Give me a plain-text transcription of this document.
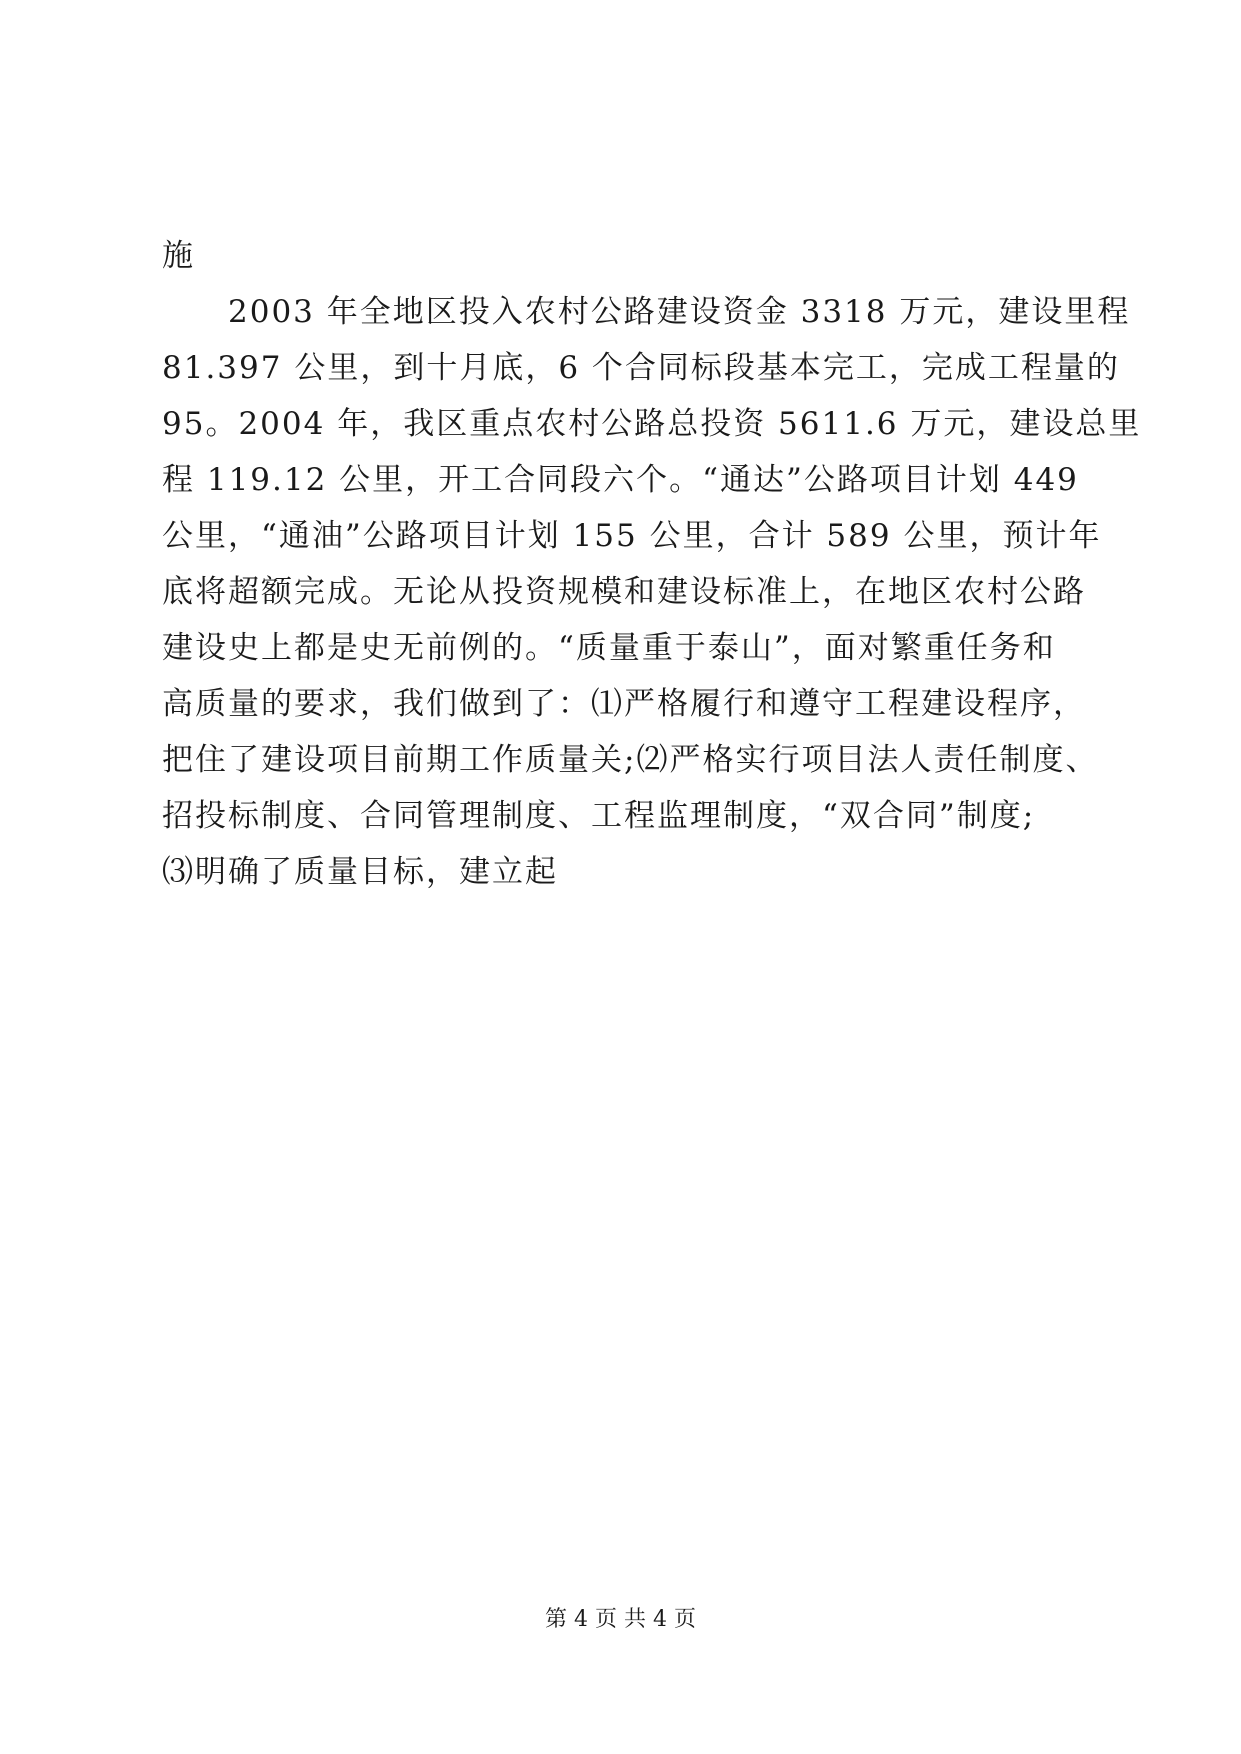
施
2003 年全地区投入农村公路建设资金 3318 万元，建设里程
81.397 公里，到十月底，6 个合同标段基本完工，完成工程量的
95。2004 年，我区重点农村公路总投资 5611.6 万元，建设总里
程 119.12 公里，开工合同段六个。“通达”公路项目计划 449
公里，“通油”公路项目计划 155 公里，合计 589 公里，预计年
底将超额完成。无论从投资规模和建设标准上，在地区农村公路
建设史上都是史无前例的。“质量重于泰山”，面对繁重任务和
高质量的要求，我们做到了：⑴严格履行和遵守工程建设程序，
把住了建设项目前期工作质量关;⑵严格实行项目法人责任制度、
招投标制度、合同管理制度、工程监理制度，“双合同”制度;
⑶明确了质量目标，建立起
第 4 页 共 4 页
